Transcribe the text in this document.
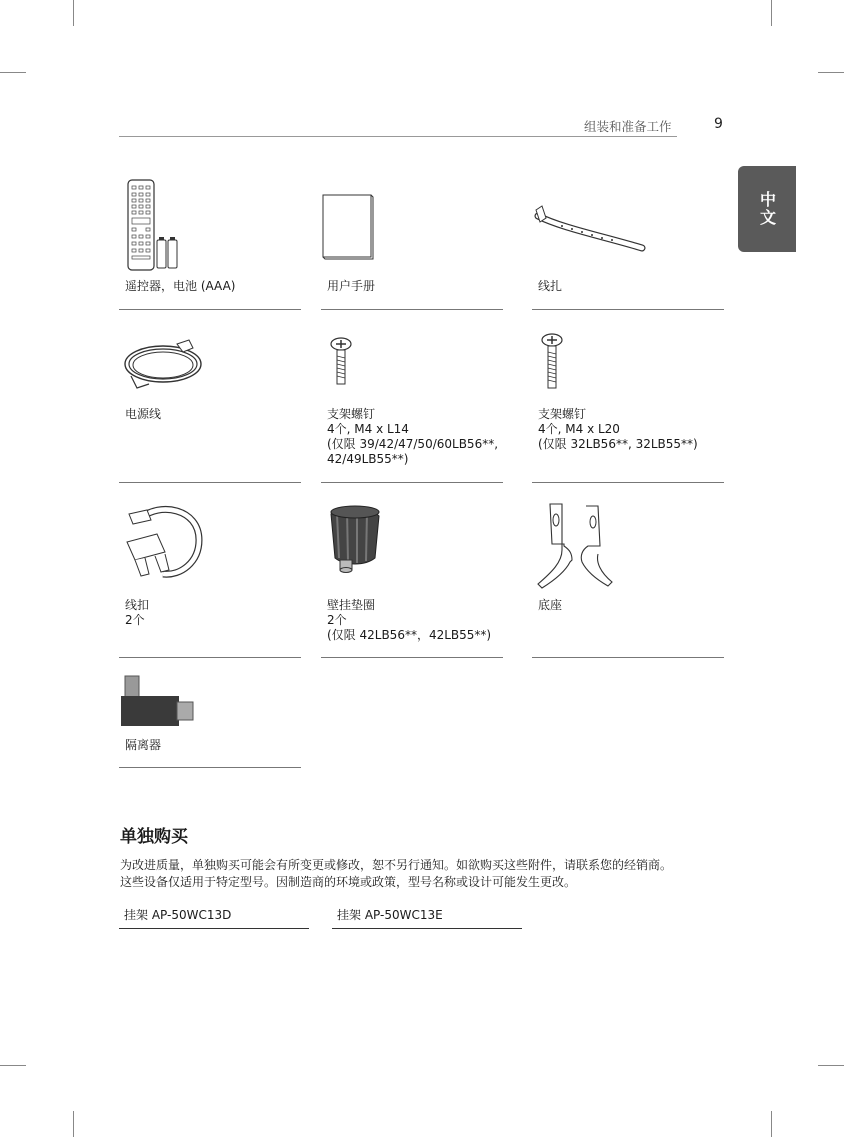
组装和准备工作	9
中文
遥控器，电池 (AAA)	用户手册	线扎
电源线	支架螺钉
4个, M4 x L14
(仅限 39/42/47/50/60LB56**,
42/49LB55**)
支架螺钉
4个, M4 x L20
(仅限 32LB56**, 32LB55**)
线扣
2个
壁挂垫圈
2个
(仅限 42LB56**，42LB55**)
底座
隔离器
单独购买
为改进质量，单独购买可能会有所变更或修改，恕不另行通知。如欲购买这些附件，请联系您的经销商。
这些设备仅适用于特定型号。因制造商的环境或政策，型号名称或设计可能发生更改。
挂架 AP-50WC13D	挂架 AP-50WC13E
